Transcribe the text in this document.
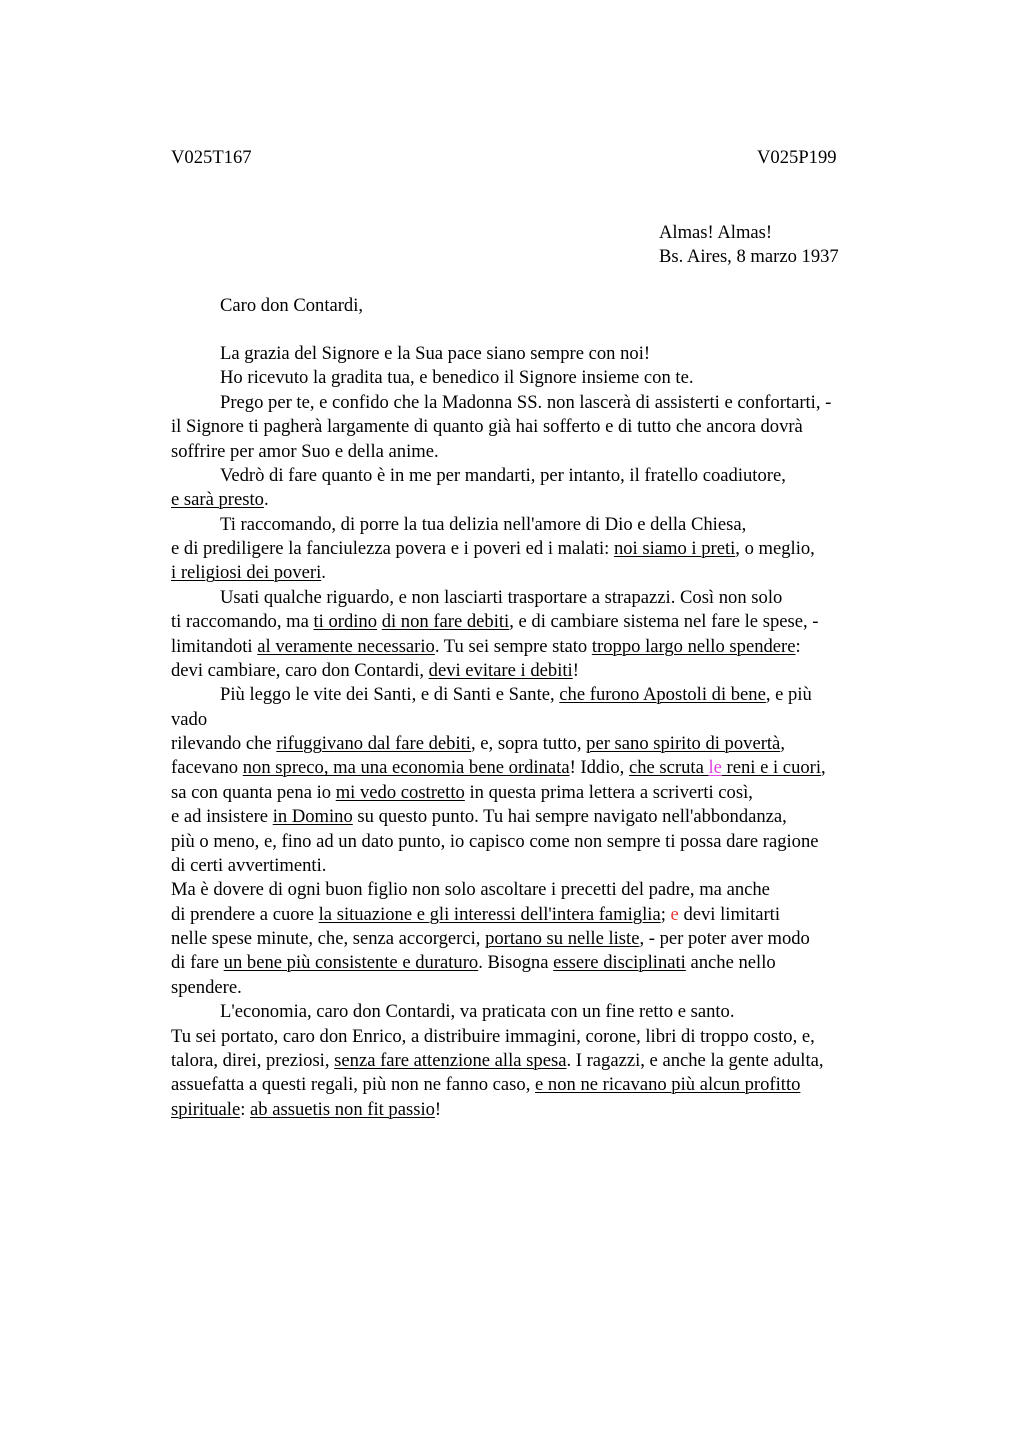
V025T167	V025P199
Almas! Almas!
Bs. Aires, 8 marzo 1937
Caro don Contardi,
La grazia del Signore e la Sua pace siano sempre con noi!
Ho ricevuto la gradita tua, e benedico il Signore insieme con te.
Prego per te, e confido che la Madonna SS. non lascerà di assisterti e confortarti, -
il Signore ti pagherà largamente di quanto già hai sofferto e di tutto che ancora dovrà
soffrire per amor Suo e della anime.
Vedrò di fare quanto è in me per mandarti, per intanto, il fratello coadiutore,
e sarà presto.
Ti raccomando, di porre la tua delizia nell'amore di Dio e della Chiesa,
e di prediligere la fanciulezza povera e i poveri ed i malati: noi siamo i preti, o meglio,
i religiosi dei poveri.
Usati qualche riguardo, e non lasciarti trasportare a strapazzi. Così non solo
ti raccomando, ma ti ordino di non fare debiti, e di cambiare sistema nel fare le spese, -
limitandoti al veramente necessario. Tu sei sempre stato troppo largo nello spendere:
devi cambiare, caro don Contardi, devi evitare i debiti!
Più leggo le vite dei Santi, e di Santi e Sante, che furono Apostoli di bene, e più
vado
rilevando che rifuggivano dal fare debiti, e, sopra tutto, per sano spirito di povertà,
facevano non spreco, ma una economia bene ordinata! Iddio, che scruta le reni e i cuori,
sa con quanta pena io mi vedo costretto in questa prima lettera a scriverti così,
e ad insistere in Domino su questo punto. Tu hai sempre navigato nell'abbondanza,
più o meno, e, fino ad un dato punto, io capisco come non sempre ti possa dare ragione
di certi avvertimenti.
Ma è dovere di ogni buon figlio non solo ascoltare i precetti del padre, ma anche
di prendere a cuore la situazione e gli interessi dell'intera famiglia; e devi limitarti
nelle spese minute, che, senza accorgerci, portano su nelle liste, - per poter aver modo
di fare un bene più consistente e duraturo. Bisogna essere disciplinati anche nello
spendere.
L'economia, caro don Contardi, va praticata con un fine retto e santo.
Tu sei portato, caro don Enrico, a distribuire immagini, corone, libri di troppo costo, e,
talora, direi, preziosi, senza fare attenzione alla spesa. I ragazzi, e anche la gente adulta,
assuefatta a questi regali, più non ne fanno caso, e non ne ricavano più alcun profitto
spirituale: ab assuetis non fit passio!
